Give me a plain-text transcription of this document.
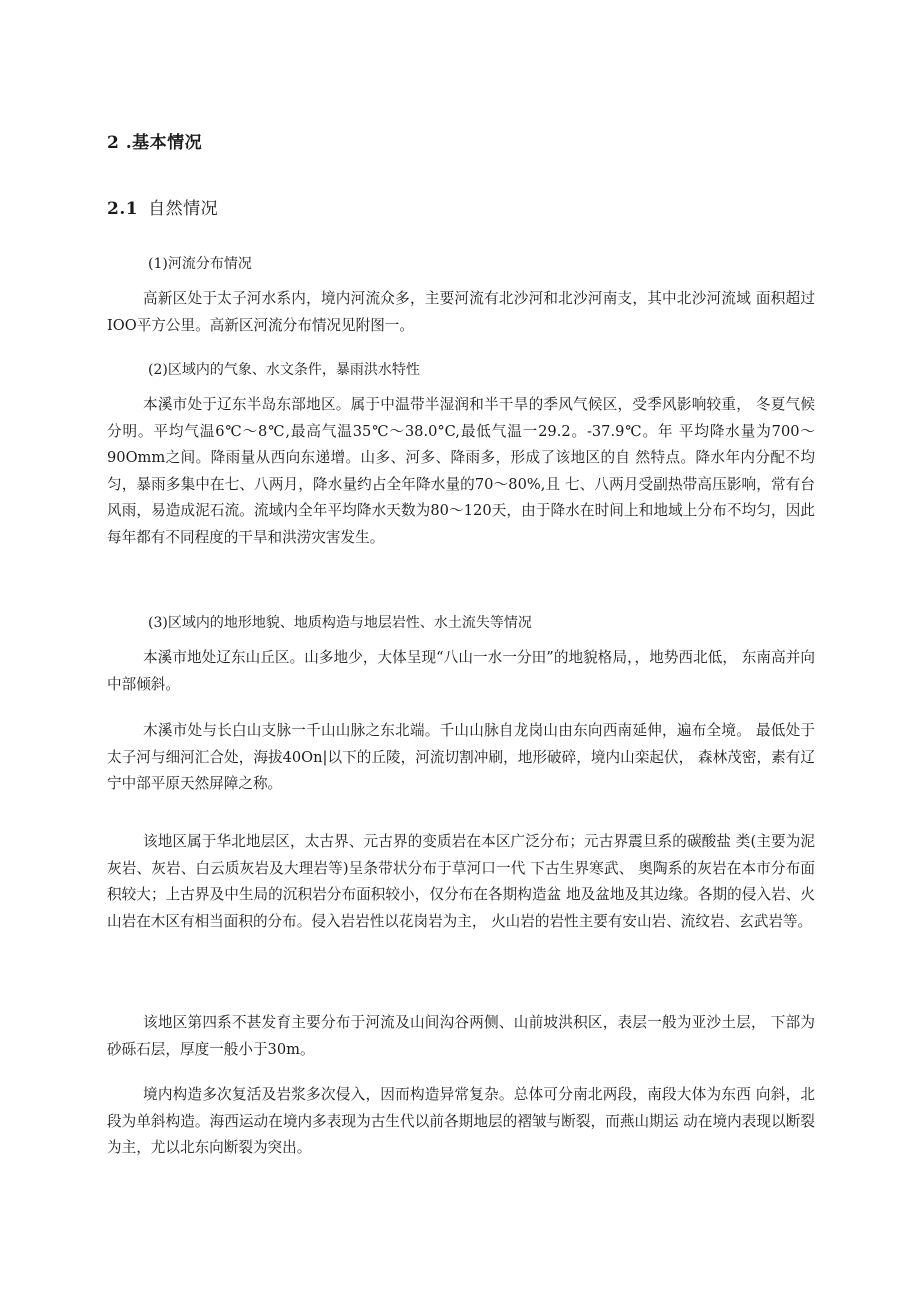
2 .基本情况
2.1 自然情况
(1)河流分布情况

高新区处于太子河水系内，境内河流众多，主要河流有北沙河和北沙河南支，其中北沙河流域 面积超过IOO平方公里。高新区河流分布情况见附图一。

(2)区域内的气象、水文条件，暴雨洪水特性

本溪市处于辽东半岛东部地区。属于中温带半湿润和半干旱的季风气候区，受季风影响较重， 冬夏气候分明。平均气温6℃～8℃,最高气温35℃～38.0°C,最低气温一29.2。-37.9℃。年 平均降水量为700～90Omm之间。降雨量从西向东递增。山多、河多、降雨多，形成了该地区的自 然特点。降水年内分配不均匀，暴雨多集中在七、八两月，降水量约占全年降水量的70～80%,且 七、八两月受副热带高压影响，常有台风雨，易造成泥石流。流域内全年平均降水天数为80～120天，由于降水在时间上和地域上分布不均匀，因此每年都有不同程度的干旱和洪涝灾害发生。

(3)区域内的地形地貌、地质构造与地层岩性、水土流失等情况

本溪市地处辽东山丘区。山多地少，大体呈现“八山一水一分田”的地貌格局，，地势西北低， 东南高并向中部倾斜。

木溪市处与长白山支脉一千山山脉之东北端。千山山脉自龙岗山由东向西南延伸，遍布全境。 最低处于太子河与细河汇合处，海拔40On|以下的丘陵，河流切割冲刷，地形破碎，境内山栾起伏， 森林茂密，素有辽宁中部平原天然屏障之称。

该地区属于华北地层区，太古界、元古界的变质岩在本区广泛分布；元古界震旦系的碳酸盐 类(主要为泥灰岩、灰岩、白云质灰岩及大理岩等)呈条带状分布于草河口一代 下古生界寒武、 奥陶系的灰岩在本市分布面积较大；上古界及中生局的沉积岩分布面积较小，仅分布在各期构造盆 地及盆地及其边缘。各期的侵入岩、火山岩在木区有相当面积的分布。侵入岩岩性以花岗岩为主， 火山岩的岩性主要有安山岩、流纹岩、玄武岩等。

该地区第四系不甚发育主要分布于河流及山间沟谷两侧、山前坡洪积区，表层一般为亚沙土层， 下部为砂砾石层，厚度一般小于30m。

境内构造多次复活及岩浆多次侵入，因而构造异常复杂。总体可分南北两段，南段大体为东西 向斜，北段为单斜构造。海西运动在境内多表现为古生代以前各期地层的褶皱与断裂，而燕山期运 动在境内表现以断裂为主，尤以北东向断裂为突出。
